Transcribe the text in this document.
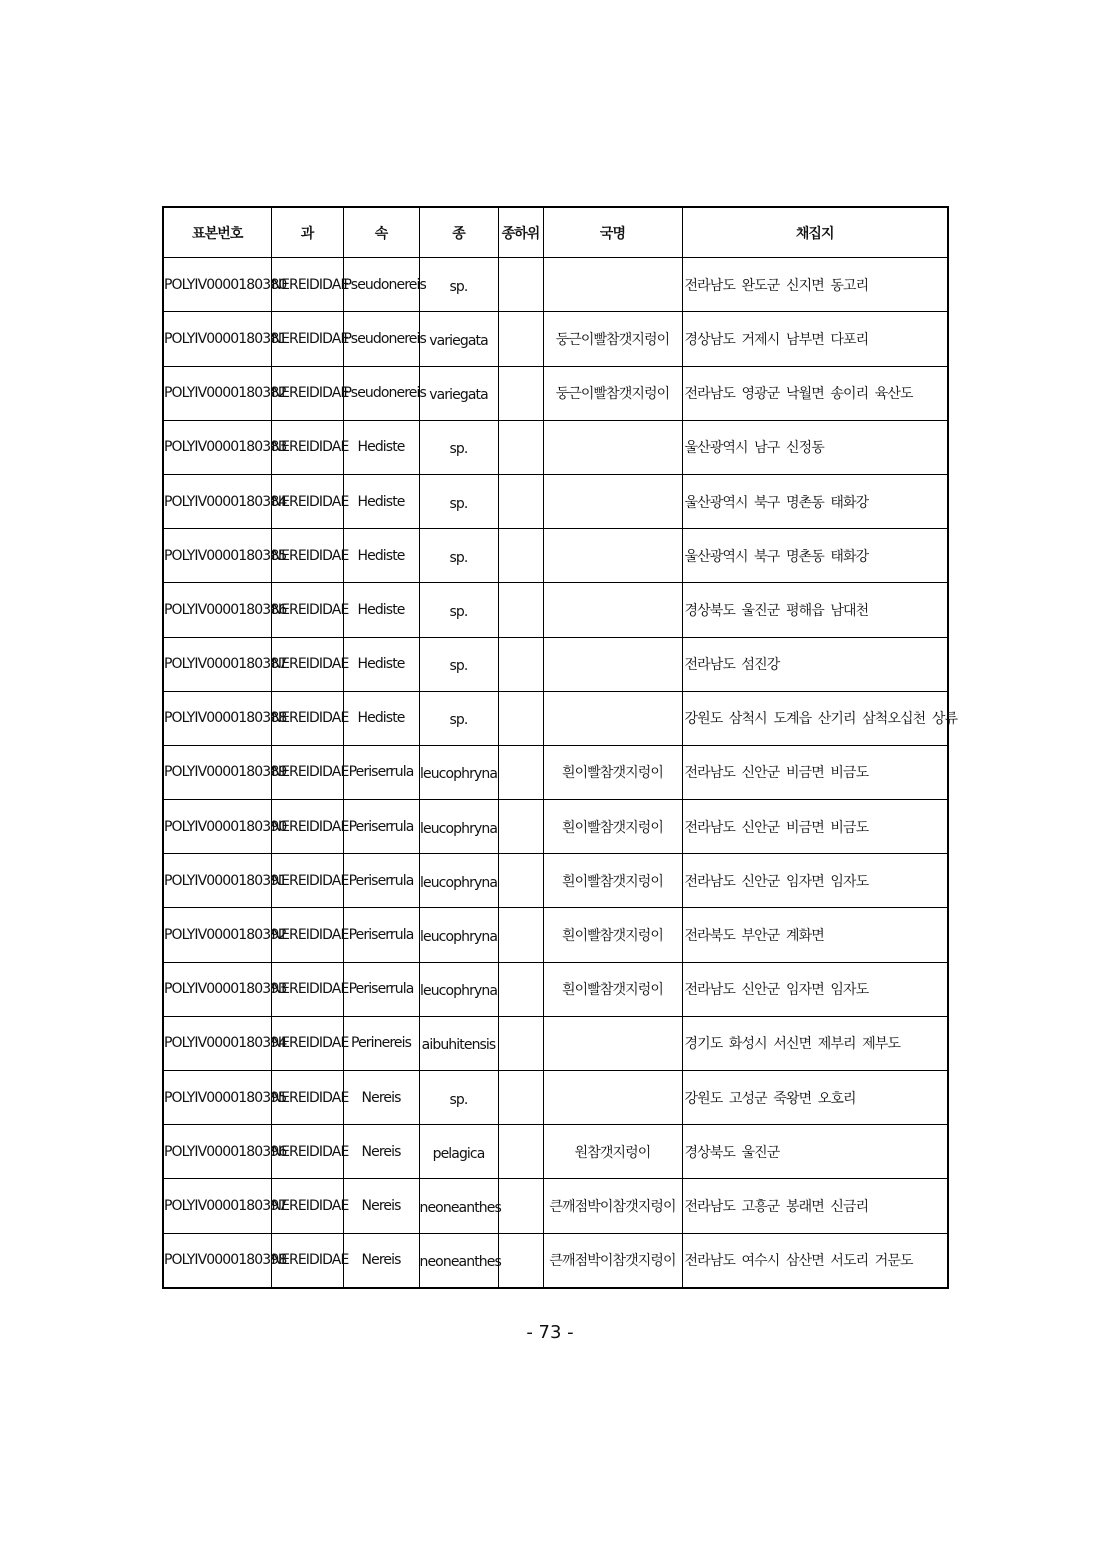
표본번호	과	속	종	종하위	국명	채집지
POLYIV0000180380	NEREIDIDAE	Pseudonereis	sp.			전라남도 완도군 신지면 동고리
POLYIV0000180381	NEREIDIDAE	Pseudonereis	variegata		둥근이빨참갯지렁이	경상남도 거제시 남부면 다포리
POLYIV0000180382	NEREIDIDAE	Pseudonereis	variegata		둥근이빨참갯지렁이	전라남도 영광군 낙월면 송이리 육산도
POLYIV0000180383	NEREIDIDAE	Hediste	sp.			울산광역시 남구 신정동
POLYIV0000180384	NEREIDIDAE	Hediste	sp.			울산광역시 북구 명촌동 태화강
POLYIV0000180385	NEREIDIDAE	Hediste	sp.			울산광역시 북구 명촌동 태화강
POLYIV0000180386	NEREIDIDAE	Hediste	sp.			경상북도 울진군 평해읍 남대천
POLYIV0000180387	NEREIDIDAE	Hediste	sp.			전라남도 섬진강
POLYIV0000180388	NEREIDIDAE	Hediste	sp.			강원도 삼척시 도계읍 산기리 삼척오십천 상류
POLYIV0000180389	NEREIDIDAE	Periserrula	leucophryna		흰이빨참갯지렁이	전라남도 신안군 비금면 비금도
POLYIV0000180390	NEREIDIDAE	Periserrula	leucophryna		흰이빨참갯지렁이	전라남도 신안군 비금면 비금도
POLYIV0000180391	NEREIDIDAE	Periserrula	leucophryna		흰이빨참갯지렁이	전라남도 신안군 임자면 임자도
POLYIV0000180392	NEREIDIDAE	Periserrula	leucophryna		흰이빨참갯지렁이	전라북도 부안군 계화면
POLYIV0000180393	NEREIDIDAE	Periserrula	leucophryna		흰이빨참갯지렁이	전라남도 신안군 임자면 임자도
POLYIV0000180394	NEREIDIDAE	Perinereis	aibuhitensis			경기도 화성시 서신면 제부리 제부도
POLYIV0000180395	NEREIDIDAE	Nereis	sp.			강원도 고성군 죽왕면 오호리
POLYIV0000180396	NEREIDIDAE	Nereis	pelagica		원참갯지렁이	경상북도 울진군
POLYIV0000180397	NEREIDIDAE	Nereis	neoneanthes		큰깨점박이참갯지렁이	전라남도 고흥군 봉래면 신금리
POLYIV0000180398	NEREIDIDAE	Nereis	neoneanthes		큰깨점박이참갯지렁이	전라남도 여수시 삼산면 서도리 거문도
- 73 -
